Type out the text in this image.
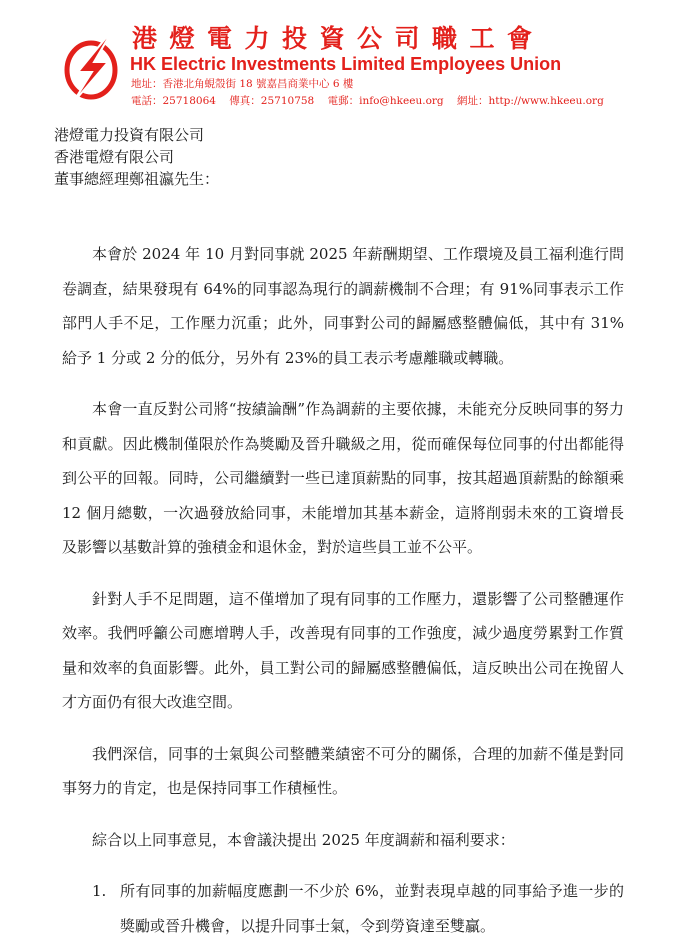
港燈電力投資公司職工會
HK Electric Investments Limited Employees Union
地址：香港北角蜆殼街 18 號嘉昌商業中心 6 樓
電話：25718064 傳真：25710758 電郵：info@hkeeu.org 網址：http://www.hkeeu.org
港燈電力投資有限公司
香港電燈有限公司
董事總經理鄭祖瀛先生：

本會於 2024 年 10 月對同事就 2025 年薪酬期望、工作環境及員工福利進行問卷調查，結果發現有 64%的同事認為現行的調薪機制不合理；有 91%同事表示工作部門人手不足，工作壓力沉重；此外，同事對公司的歸屬感整體偏低，其中有 31%給予 1 分或 2 分的低分，另外有 23%的員工表示考慮離職或轉職。

本會一直反對公司將“按績論酬”作為調薪的主要依據，未能充分反映同事的努力和貢獻。因此機制僅限於作為獎勵及晉升職級之用，從而確保每位同事的付出都能得到公平的回報。同時，公司繼續對一些已達頂薪點的同事，按其超過頂薪點的餘額乘 12 個月總數，一次過發放給同事，未能增加其基本薪金，這將削弱未來的工資增長及影響以基數計算的強積金和退休金，對於這些員工並不公平。

針對人手不足問題，這不僅增加了現有同事的工作壓力，還影響了公司整體運作效率。我們呼籲公司應增聘人手，改善現有同事的工作強度，減少過度勞累對工作質量和效率的負面影響。此外，員工對公司的歸屬感整體偏低，這反映出公司在挽留人才方面仍有很大改進空間。

我們深信，同事的士氣與公司整體業績密不可分的關係，合理的加薪不僅是對同事努力的肯定，也是保持同事工作積極性。

綜合以上同事意見，本會議決提出 2025 年度調薪和福利要求：

1. 所有同事的加薪幅度應劃一不少於 6%，並對表現卓越的同事給予進一步的獎勵或晉升機會，以提升同事士氣，令到勞資達至雙贏。
